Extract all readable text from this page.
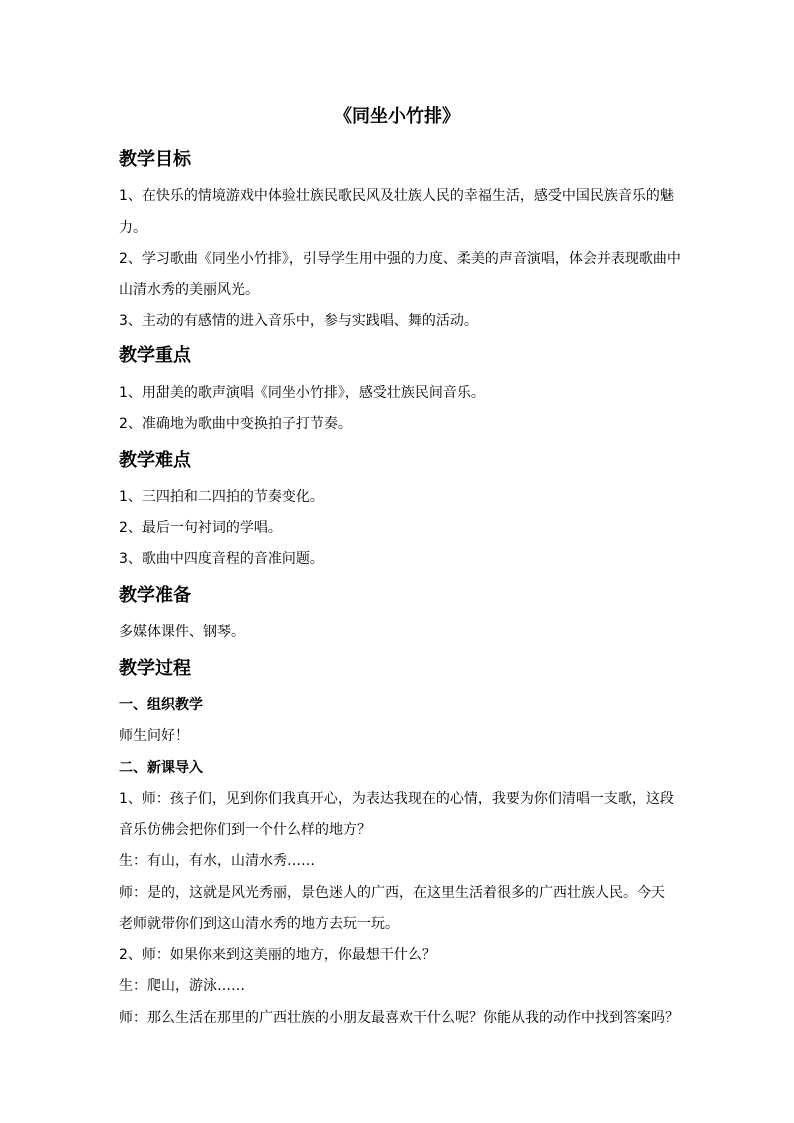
《同坐小竹排》
教学目标
1、在快乐的情境游戏中体验壮族民歌民风及壮族人民的幸福生活，感受中国民族音乐的魅
力。
2、学习歌曲《同坐小竹排》，引导学生用中强的力度、柔美的声音演唱，体会并表现歌曲中
山清水秀的美丽风光。
3、主动的有感情的进入音乐中，参与实践唱、舞的活动。
教学重点
1、用甜美的歌声演唱《同坐小竹排》，感受壮族民间音乐。
2、准确地为歌曲中变换拍子打节奏。
教学难点
1、三四拍和二四拍的节奏变化。
2、最后一句衬词的学唱。
3、歌曲中四度音程的音准问题。
教学准备
多媒体课件、钢琴。
教学过程
一、组织教学
师生问好！
二、新课导入
1、师：孩子们，见到你们我真开心，为表达我现在的心情，我要为你们清唱一支歌，这段
音乐仿佛会把你们到一个什么样的地方？
生：有山，有水，山清水秀……
师：是的，这就是风光秀丽，景色迷人的广西，在这里生活着很多的广西壮族人民。今天
老师就带你们到这山清水秀的地方去玩一玩。
2、师：如果你来到这美丽的地方，你最想干什么？
生：爬山，游泳……
师：那么生活在那里的广西壮族的小朋友最喜欢干什么呢？你能从我的动作中找到答案吗？
